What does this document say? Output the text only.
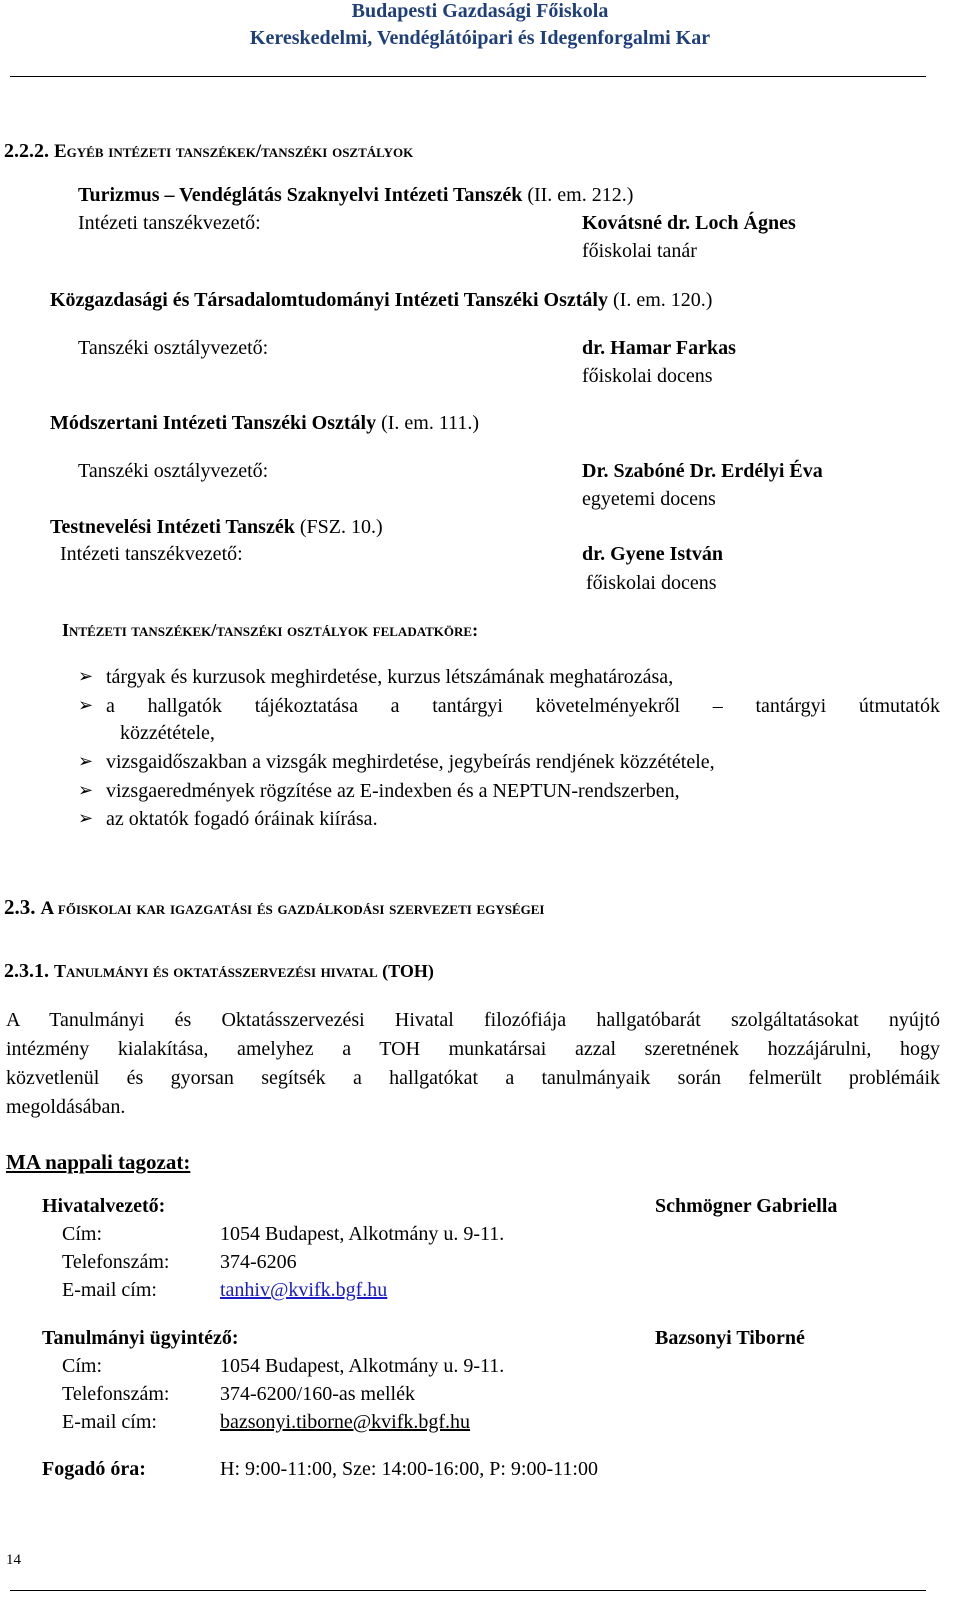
Budapesti Gazdasági Főiskola
Kereskedelmi, Vendéglátóipari és Idegenforgalmi Kar
2.2.2. Egyéb intézeti tanszékek/tanszéki osztályok
Turizmus – Vendéglátás Szaknyelvi Intézeti Tanszék (II. em. 212.)
Intézeti tanszékvezető:	Kovátsné dr. Loch Ágnes
főiskolai tanár
Közgazdasági és Társadalomtudományi Intézeti Tanszéki Osztály (I. em. 120.)
Tanszéki osztályvezető:	dr. Hamar Farkas
főiskolai docens
Módszertani Intézeti Tanszéki Osztály (I. em. 111.)
Tanszéki osztályvezető:	Dr. Szabóné Dr. Erdélyi Éva
egyetemi docens
Testnevelési Intézeti Tanszék (FSZ. 10.)
Intézeti tanszékvezető:	dr. Gyene István
főiskolai docens
Intézeti tanszékek/tanszéki osztályok feladatköre:
➢ tárgyak és kurzusok meghirdetése, kurzus létszámának meghatározása,
➢ a hallgatók tájékoztatása a tantárgyi követelményekről – tantárgyi útmutatók
közzététele,
➢ vizsgaidőszakban a vizsgák meghirdetése, jegybeírás rendjének közzététele,
➢ vizsgaeredmények rögzítése az E-indexben és a NEPTUN-rendszerben,
➢ az oktatók fogadó óráinak kiírása.
2.3. A főiskolai kar igazgatási és gazdálkodási szervezeti egységei
2.3.1. Tanulmányi és oktatásszervezési hivatal (TOH)
A Tanulmányi és Oktatásszervezési Hivatal filozófiája hallgatóbarát szolgáltatásokat nyújtó
intézmény kialakítása, amelyhez a TOH munkatársai azzal szeretnének hozzájárulni, hogy
közvetlenül és gyorsan segítsék a hallgatókat a tanulmányaik során felmerült problémáik
megoldásában.
MA nappali tagozat:
Hivatalvezető:	Schmögner Gabriella
Cím:	1054 Budapest, Alkotmány u. 9-11.
Telefonszám:	374-6206
E-mail cím:	tanhiv@kvifk.bgf.hu
Tanulmányi ügyintéző:	Bazsonyi Tiborné
Cím:	1054 Budapest, Alkotmány u. 9-11.
Telefonszám:	374-6200/160-as mellék
E-mail cím:	bazsonyi.tiborne@kvifk.bgf.hu
Fogadó óra:	H: 9:00-11:00, Sze: 14:00-16:00, P: 9:00-11:00
14
